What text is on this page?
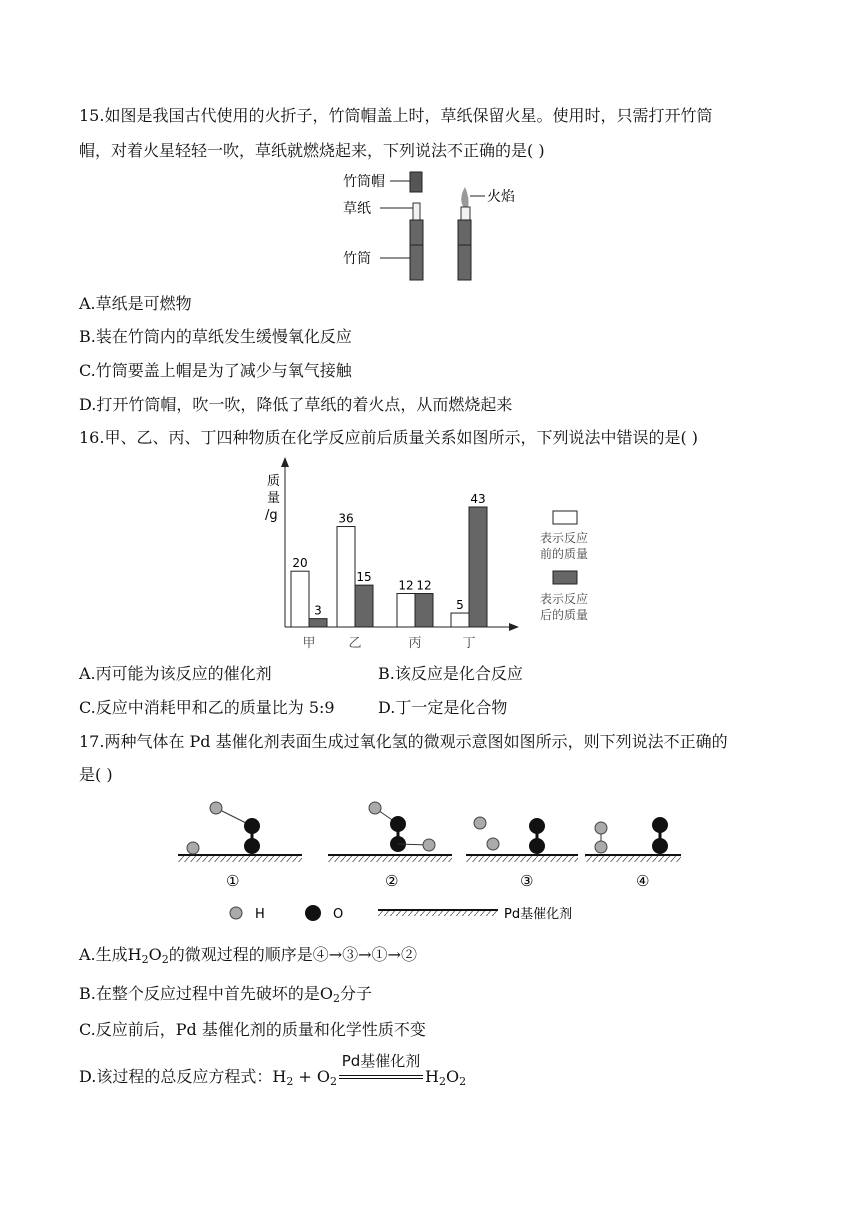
15.如图是我国古代使用的火折子，竹筒帽盖上时，草纸保留火星。使用时，只需打开竹筒
帽，对着火星轻轻一吹，草纸就燃烧起来，下列说法不正确的是( )
竹筒帽
草纸
竹筒
火焰
A.草纸是可燃物
B.装在竹筒内的草纸发生缓慢氧化反应
C.竹筒要盖上帽是为了减少与氧气接触
D.打开竹筒帽，吹一吹，降低了草纸的着火点，从而燃烧起来
16.甲、乙、丙、丁四种物质在化学反应前后质量关系如图所示，下列说法中错误的是( )
质
量
/g
20
3
甲
36
15
乙
12 12
丙
5
43
丁
表示反应
前的质量
表示反应
后的质量
A.丙可能为该反应的催化剂	B.该反应是化合反应
C.反应中消耗甲和乙的质量比为 5:9	D.丁一定是化合物
17.两种气体在 Pd 基催化剂表面生成过氧化氢的微观示意图如图所示，则下列说法不正确的
是( )
①	②	③	④
H	O	Pd基催化剂
A.生成$H_2O_2$的微观过程的顺序是④→③→①→②
B.在整个反应过程中首先破坏的是$O_2$分子
C.反应前后，Pd 基催化剂的质量和化学性质不变
D.该过程的总反应方程式：$H_2 + O_2$
Pd基催化剂
$H_2O_2$
